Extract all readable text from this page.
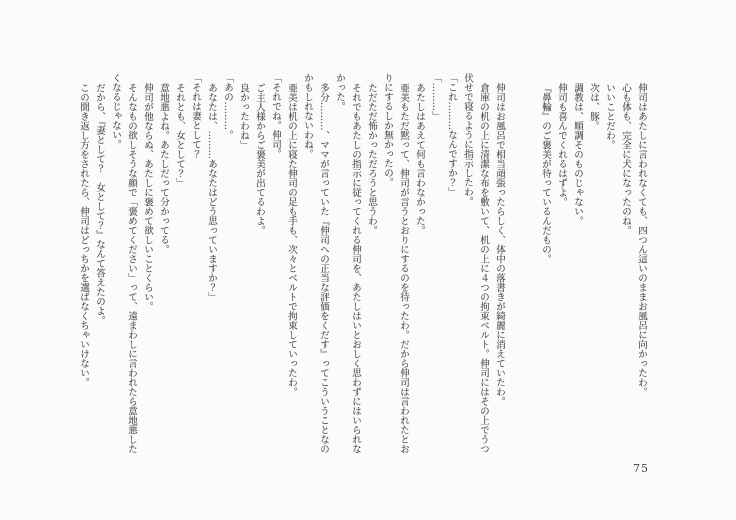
伸司はあたしに言われなくても、四つん這いのままお風呂に向かったわ。

心も体も、完全に犬になったのね。

いいことだわ。

次は、豚。

調教は、順調そのものじゃない。

伸司も喜んでくれるはずよ。

『鼻輪』のご褒美が待っているんだもの。

伸司はお風呂で相当頑張ったらしく、体中の落書きが綺麗に消えていたわ。

倉庫の机の上に清潔な布を敷いて、机の上に４つの拘束ベルト。伸司にはその上でうつ伏せで寝るように指示したわ。

「これ………なんですか？」

「………」

あたしはあえて何も言わなかった。

亜美もただ黙って、伸司が言うとおりにするのを待ったわ。だから伸司は言われたとおりにするしか無かったの。

ただただ怖かっただろうと思うわ。

それでもあたしの指示に従ってくれる伸司を、あたしはいとおしく思わずにはいられなかった。

多分………、ママが言っていた『伸司への正当な評価をくだす』ってこういうことなのかもしれないわね。

亜美は机の上に寝た伸司の足も手も、次々とベルトで拘束していったわ。

「それでね。伸司。

ご主人様からご褒美が出てるわよ。

良かったわね」

「あの………。

あなたは、………あなたはどう思っていますか？」

「それは妻として？

それとも、女として？」

意地悪よね。あたしだって分かってる。

伸司が他ならぬ、あたしに褒めて欲しいことくらい。

そんなもの欲しそうな顔で「褒めてください」って、遠まわしに言われたら意地悪したくなるじゃない。

だから、『妻として？　女として？』なんて答えたのよ。

この聞き返し方をされたら、伸司はどっちかを選ばなくちゃいけない。

75
